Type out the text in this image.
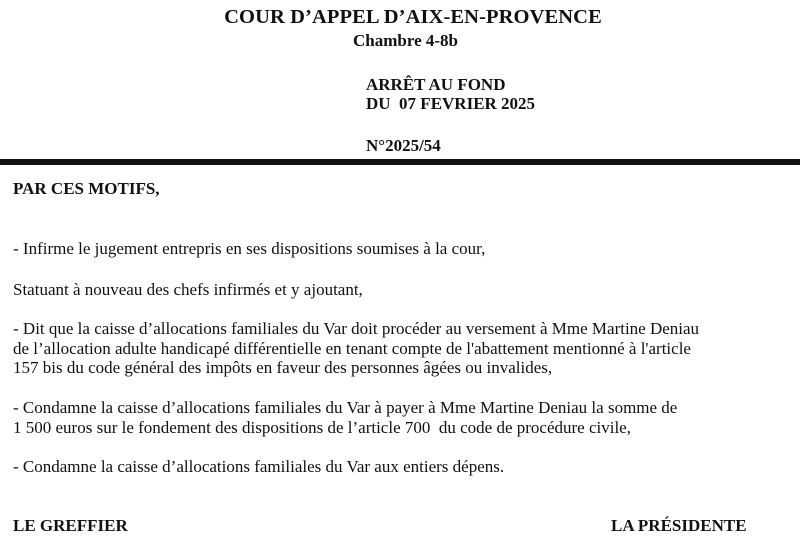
COUR D’APPEL D’AIX-EN-PROVENCE
Chambre 4-8b
ARRÊT AU FOND
DU  07 FEVRIER 2025
N°2025/54
PAR CES MOTIFS,
- Infirme le jugement entrepris en ses dispositions soumises à la cour,
Statuant à nouveau des chefs infirmés et y ajoutant,
- Dit que la caisse d’allocations familiales du Var doit procéder au versement à Mme Martine Deniau
de l’allocation adulte handicapé différentielle en tenant compte de l'abattement mentionné à l'article
157 bis du code général des impôts en faveur des personnes âgées ou invalides,
- Condamne la caisse d’allocations familiales du Var à payer à Mme Martine Deniau la somme de
1 500 euros sur le fondement des dispositions de l’article 700  du code de procédure civile,
- Condamne la caisse d’allocations familiales du Var aux entiers dépens.
LE GREFFIER	LA PRÉSIDENTE
